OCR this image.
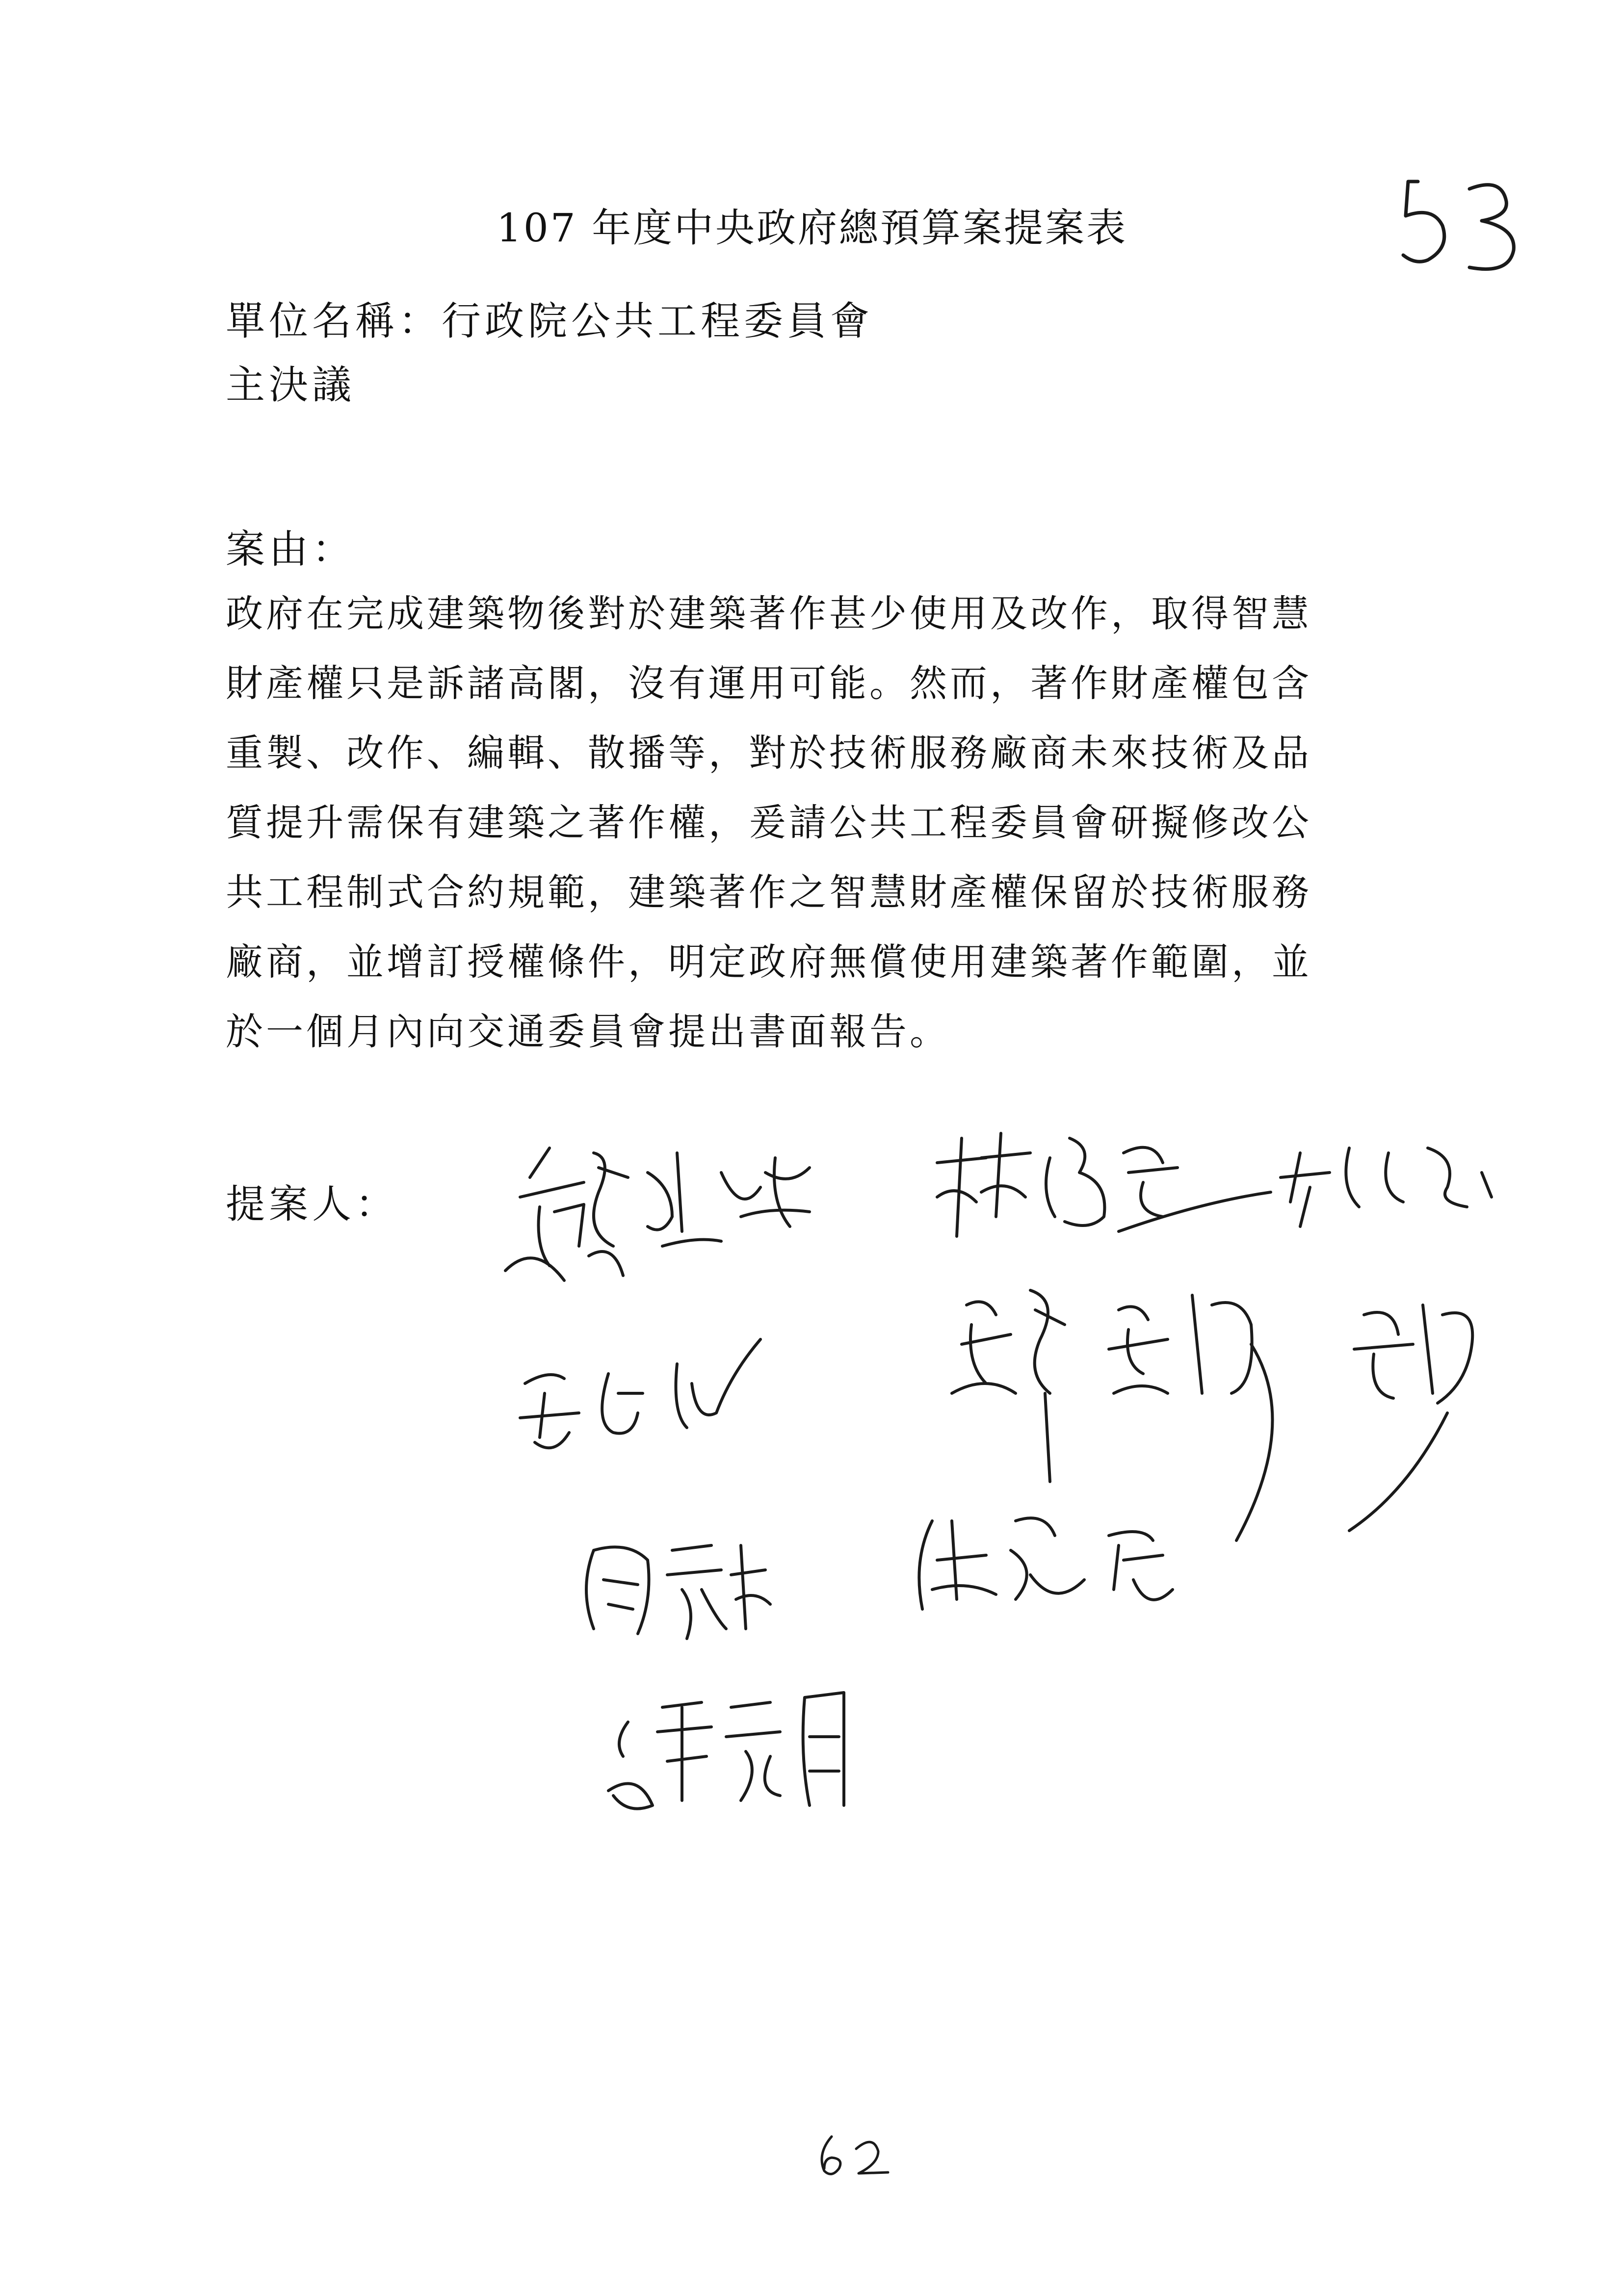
107 年度中央政府總預算案提案表
單位名稱：行政院公共工程委員會
主決議
案由：
政府在完成建築物後對於建築著作甚少使用及改作，取得智慧
財產權只是訴諸高閣，沒有運用可能。然而，著作財產權包含
重製、改作、編輯、散播等，對於技術服務廠商未來技術及品
質提升需保有建築之著作權，爰請公共工程委員會研擬修改公
共工程制式合約規範，建築著作之智慧財產權保留於技術服務
廠商，並增訂授權條件，明定政府無償使用建築著作範圍，並
於一個月內向交通委員會提出書面報告。
提案人：
